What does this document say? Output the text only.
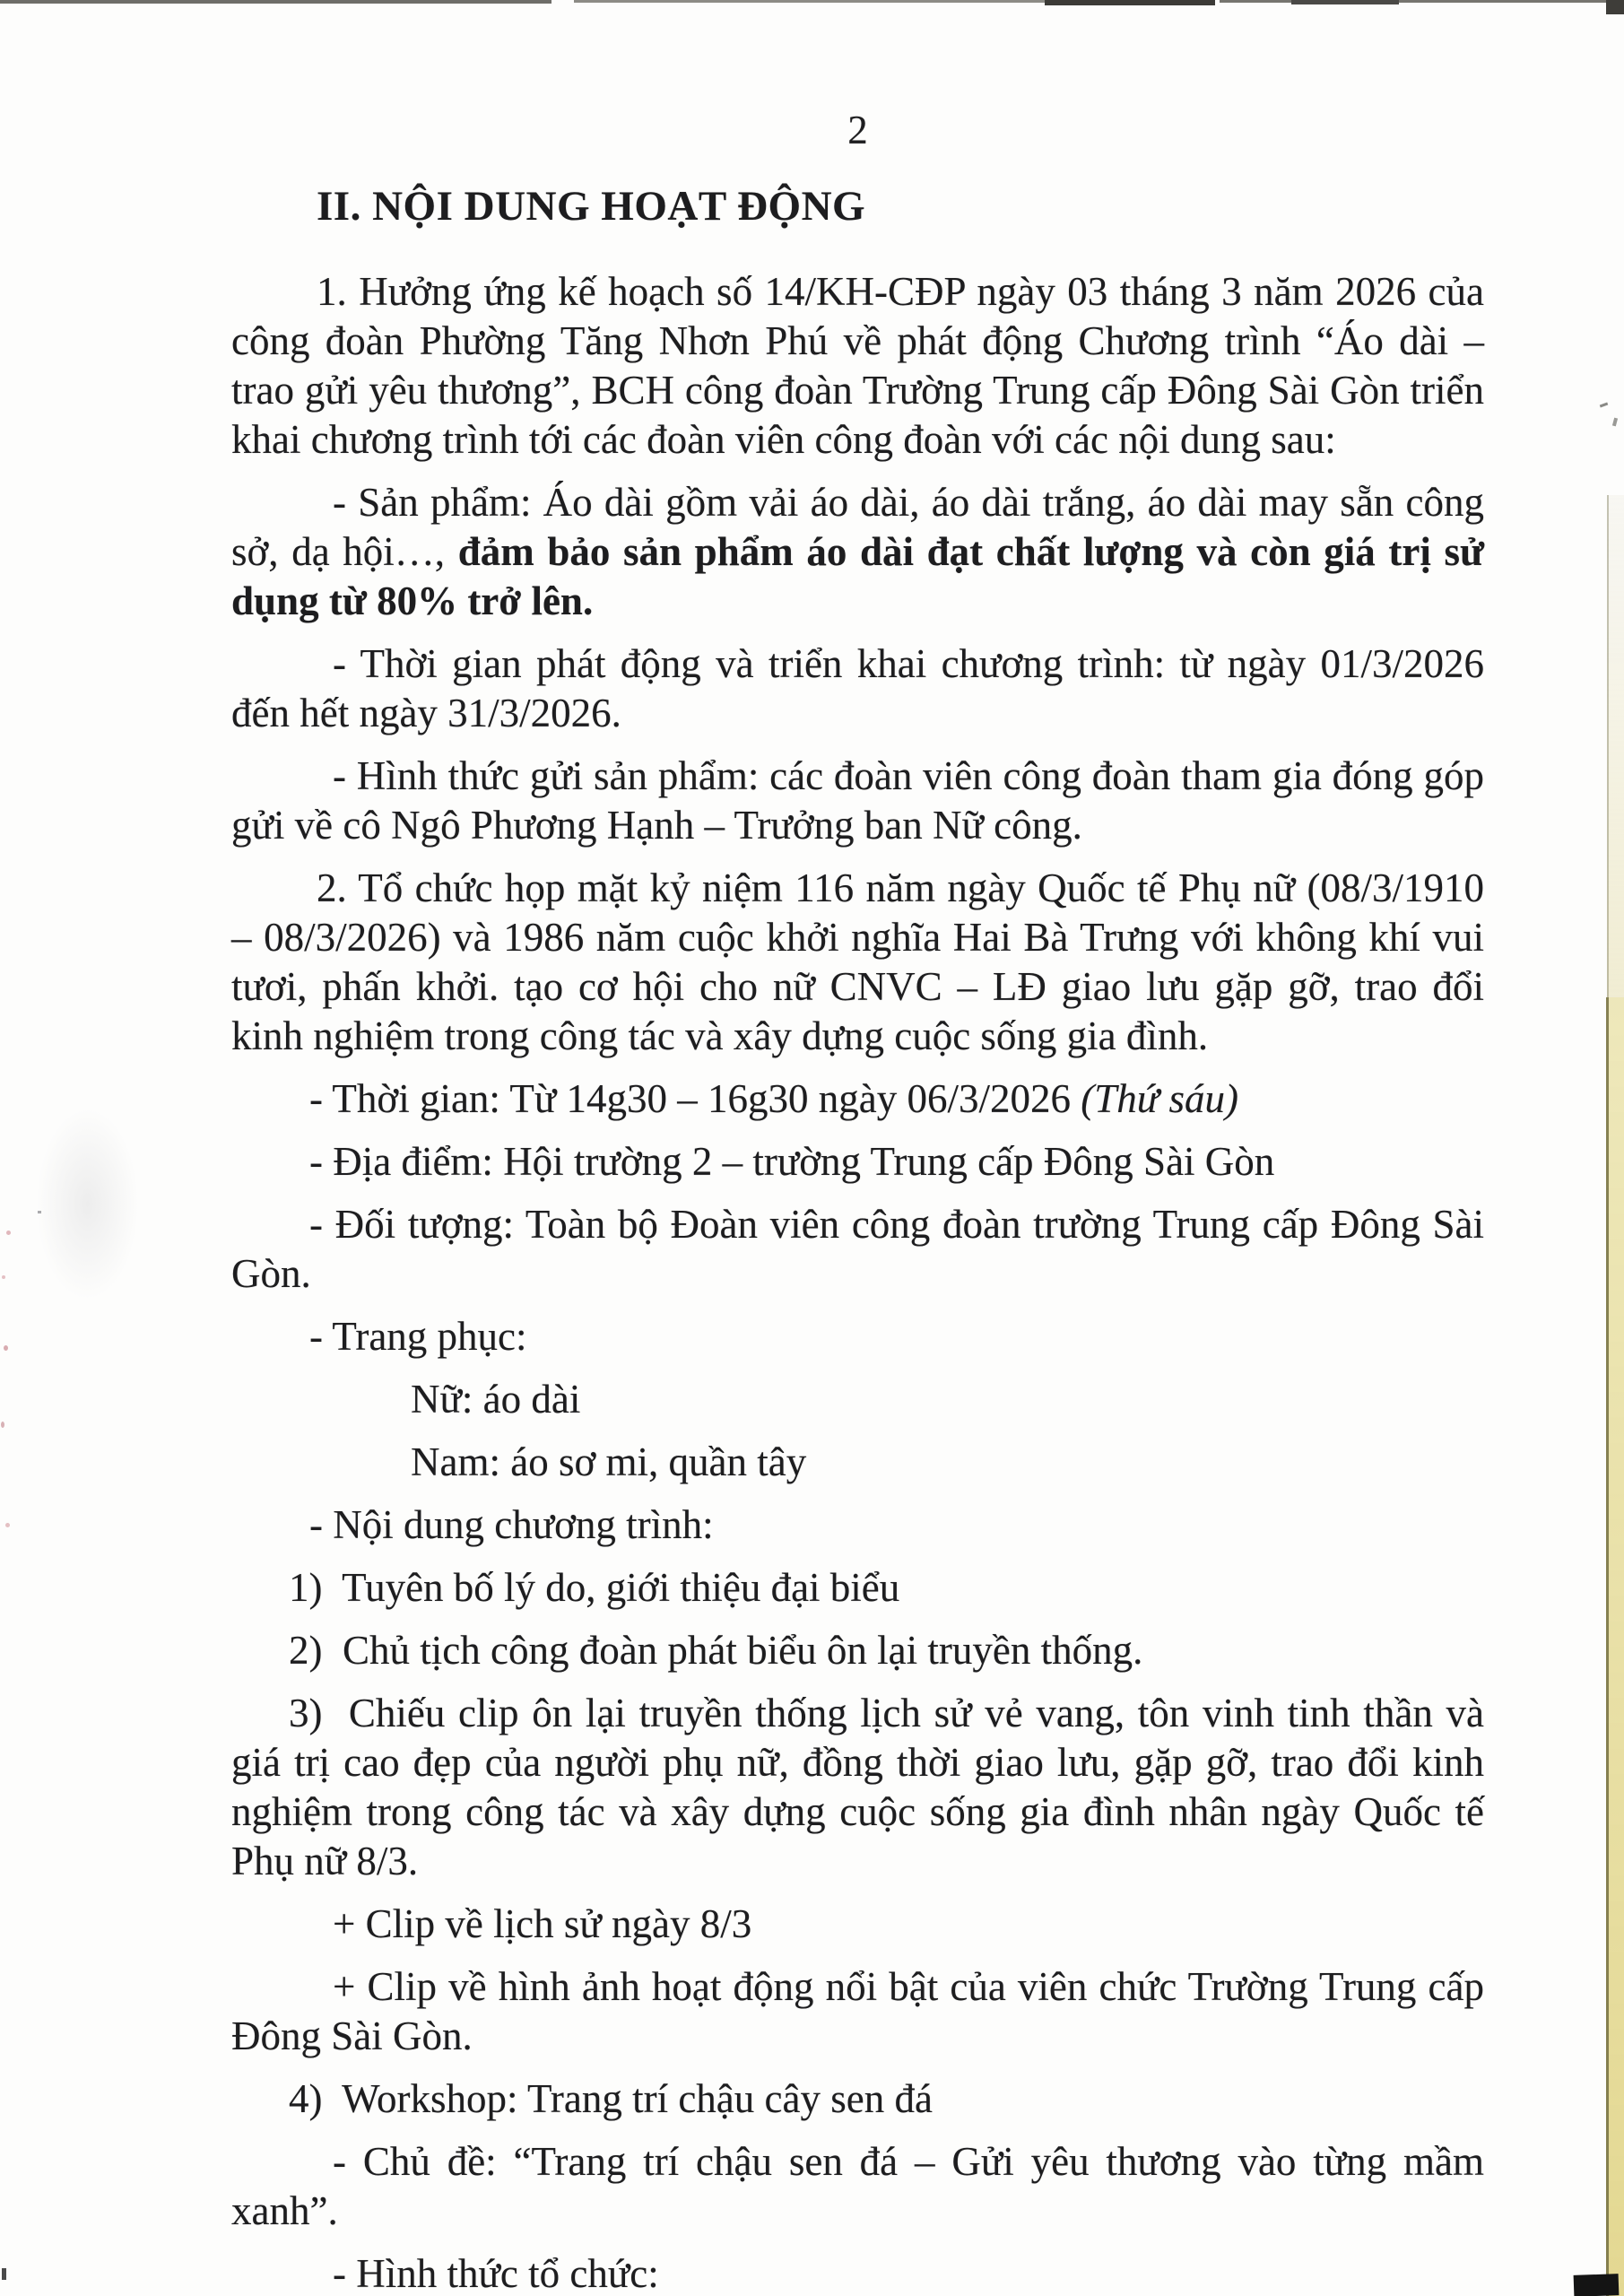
2
II. NỘI DUNG HOẠT ĐỘNG

1. Hưởng ứng kế hoạch số 14/KH-CĐP ngày 03 tháng 3 năm 2026 của công đoàn Phường Tăng Nhơn Phú về phát động Chương trình “Áo dài – trao gửi yêu thương”, BCH công đoàn Trường Trung cấp Đông Sài Gòn triển khai chương trình tới các đoàn viên công đoàn với các nội dung sau:

- Sản phẩm: Áo dài gồm vải áo dài, áo dài trắng, áo dài may sẵn công sở, dạ hội…, đảm bảo sản phẩm áo dài đạt chất lượng và còn giá trị sử dụng từ 80% trở lên.

- Thời gian phát động và triển khai chương trình: từ ngày 01/3/2026 đến hết ngày 31/3/2026.

- Hình thức gửi sản phẩm: các đoàn viên công đoàn tham gia đóng góp gửi về cô Ngô Phương Hạnh – Trưởng ban Nữ công.

2. Tổ chức họp mặt kỷ niệm 116 năm ngày Quốc tế Phụ nữ (08/3/1910 – 08/3/2026) và 1986 năm cuộc khởi nghĩa Hai Bà Trưng với không khí vui tươi, phấn khởi. tạo cơ hội cho nữ CNVC – LĐ giao lưu gặp gỡ, trao đổi kinh nghiệm trong công tác và xây dựng cuộc sống gia đình.

- Thời gian: Từ 14g30 – 16g30 ngày 06/3/2026 (Thứ sáu)

- Địa điểm: Hội trường 2 – trường Trung cấp Đông Sài Gòn

- Đối tượng: Toàn bộ Đoàn viên công đoàn trường Trung cấp Đông Sài Gòn.

- Trang phục:

Nữ: áo dài

Nam: áo sơ mi, quần tây

- Nội dung chương trình:

1)  Tuyên bố lý do, giới thiệu đại biểu

2)  Chủ tịch công đoàn phát biểu ôn lại truyền thống.

3)  Chiếu clip ôn lại truyền thống lịch sử vẻ vang, tôn vinh tinh thần và giá trị cao đẹp của người phụ nữ, đồng thời giao lưu, gặp gỡ, trao đổi kinh nghiệm trong công tác và xây dựng cuộc sống gia đình nhân ngày Quốc tế Phụ nữ 8/3.

+ Clip về lịch sử ngày 8/3

+ Clip về hình ảnh hoạt động nổi bật của viên chức Trường Trung cấp Đông Sài Gòn.

4)  Workshop: Trang trí chậu cây sen đá

- Chủ đề: “Trang trí chậu sen đá – Gửi yêu thương vào từng mầm xanh”.

- Hình thức tổ chức:
